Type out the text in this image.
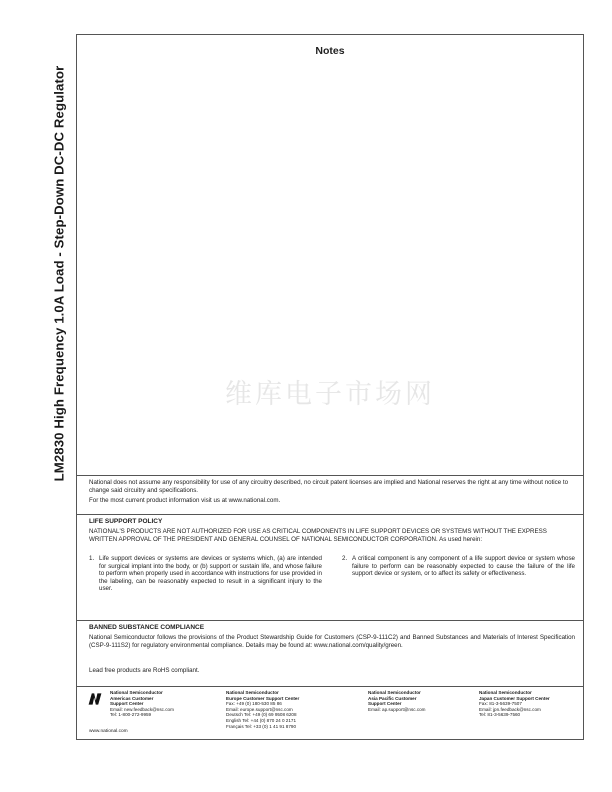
LM2830 High Frequency 1.0A Load - Step-Down DC-DC Regulator
Notes
维库电子市场网

National does not assume any responsibility for use of any circuitry described, no circuit patent licenses are implied and National reserves the right at any time without notice to change said circuitry and specifications.

For the most current product information visit us at www.national.com.

LIFE SUPPORT POLICY
NATIONAL'S PRODUCTS ARE NOT AUTHORIZED FOR USE AS CRITICAL COMPONENTS IN LIFE SUPPORT DEVICES OR SYSTEMS WITHOUT THE EXPRESS WRITTEN APPROVAL OF THE PRESIDENT AND GENERAL COUNSEL OF NATIONAL SEMICONDUCTOR CORPORATION. As used herein:
1. Life support devices or systems are devices or systems which, (a) are intended for surgical implant into the body, or (b) support or sustain life, and whose failure to perform when properly used in accordance with instructions for use provided in the labeling, can be reasonably expected to result in a significant injury to the user.
2. A critical component is any component of a life support device or system whose failure to perform can be reasonably expected to cause the failure of the life support device or system, or to affect its safety or effectiveness.
BANNED SUBSTANCE COMPLIANCE
National Semiconductor follows the provisions of the Product Stewardship Guide for Customers (CSP-9-111C2) and Banned Substances and Materials of Interest Specification (CSP-9-111S2) for regulatory environmental compliance. Details may be found at: www.national.com/quality/green.
Lead free products are RoHS compliant.
National Semiconductor
Americas Customer
Support Center
Email: new.feedback@nsc.com
Tel: 1-800-272-9959
National Semiconductor
Europe Customer Support Center
Fax: +49 (0) 180-530 85 86
Email: europe.support@nsc.com
Deutsch Tel: +49 (0) 69 9508 6208
English Tel: +44 (0) 870 24 0 2171
Français Tel: +33 (0) 1 41 91 8790
National Semiconductor
Asia Pacific Customer
Support Center
Email: ap.support@nsc.com
National Semiconductor
Japan Customer Support Center
Fax: 81-3-5639-7507
Email: jpn.feedback@nsc.com
Tel: 81-3-5639-7560
www.national.com
